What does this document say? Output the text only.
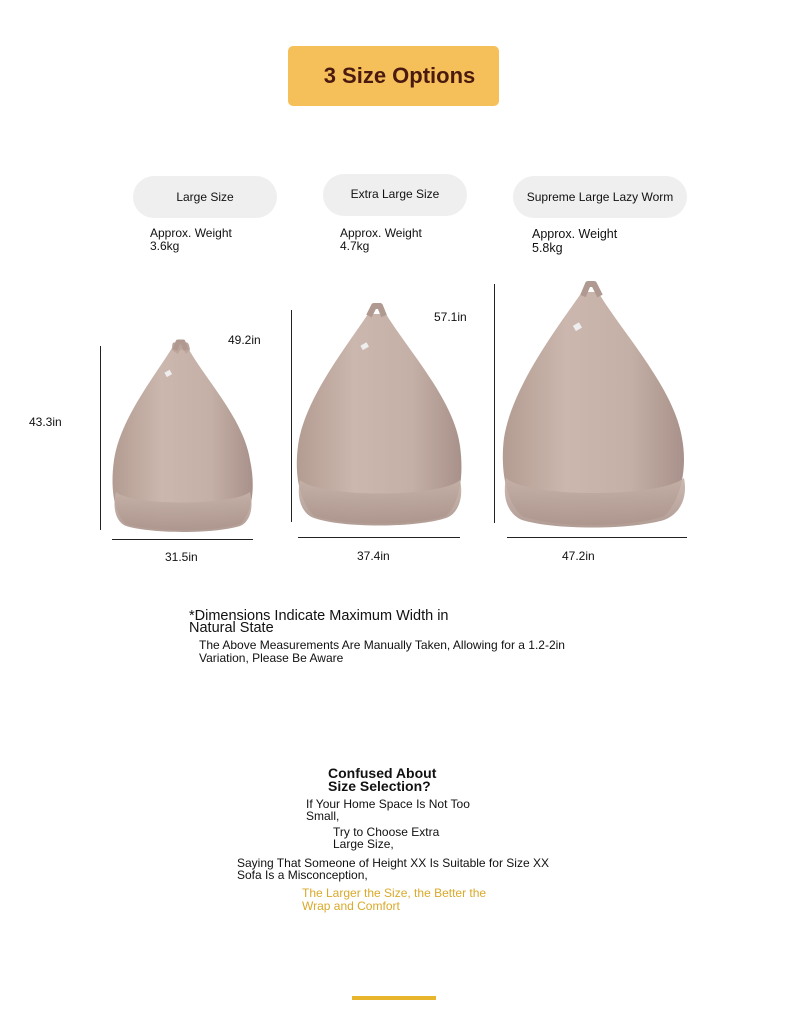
3 Size Options
Large Size	Extra Large Size	Supreme Large Lazy Worm
Approx. Weight
3.6kg
Approx. Weight
4.7kg
Approx. Weight
5.8kg
43.3in
49.2in
57.1in
31.5in	37.4in	47.2in
*Dimensions Indicate Maximum Width in
Natural State
The Above Measurements Are Manually Taken, Allowing for a 1.2-2in
Variation, Please Be Aware
Confused About
Size Selection?
If Your Home Space Is Not Too
Small,
Try to Choose Extra
Large Size,
Saying That Someone of Height XX Is Suitable for Size XX
Sofa Is a Misconception,
The Larger the Size, the Better the
Wrap and Comfort
